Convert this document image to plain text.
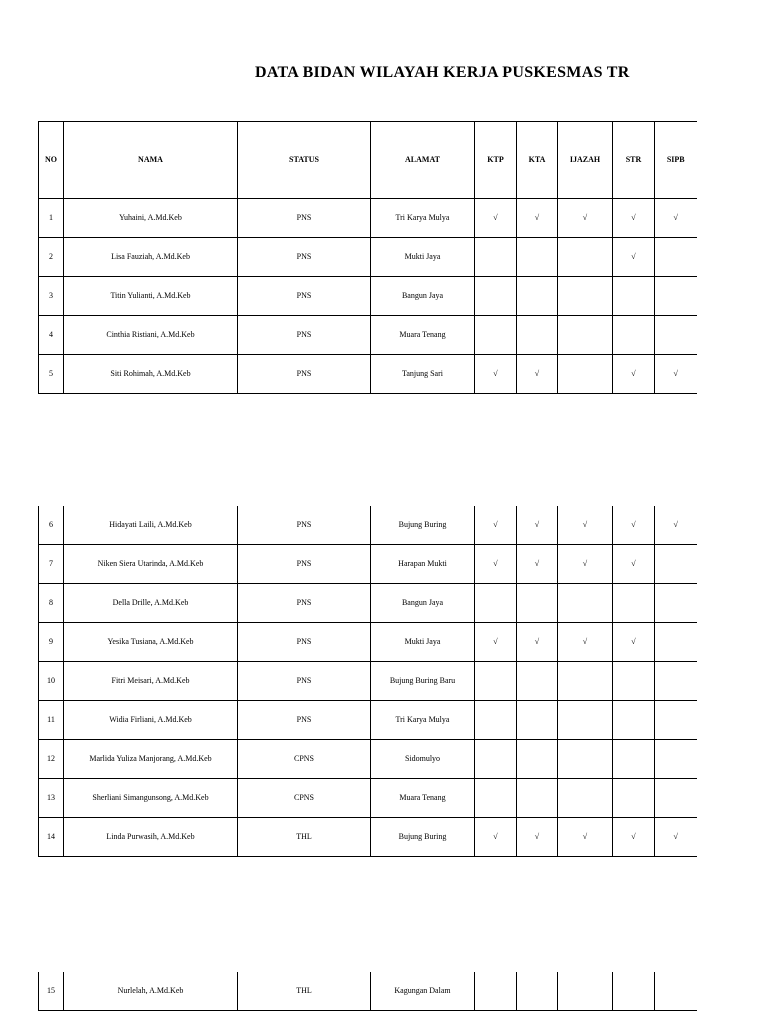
DATA BIDAN WILAYAH KERJA PUSKESMAS TR
NO	NAMA	STATUS	ALAMAT	KTP	KTA	IJAZAH	STR	SIPB
1	Yuhaini, A.Md.Keb	PNS	Tri Karya Mulya	√	√	√	√	√
2	Lisa Fauziah, A.Md.Keb	PNS	Mukti Jaya				√	
3	Titin Yulianti, A.Md.Keb	PNS	Bangun Jaya					
4	Cinthia Ristiani, A.Md.Keb	PNS	Muara Tenang					
5	Siti Rohimah, A.Md.Keb	PNS	Tanjung Sari	√	√		√	√
6	Hidayati Laili, A.Md.Keb	PNS	Bujung Buring	√	√	√	√	√
7	Niken Siera Utarinda, A.Md.Keb	PNS	Harapan Mukti	√	√	√	√	
8	Della Drille, A.Md.Keb	PNS	Bangun Jaya					
9	Yesika Tusiana, A.Md.Keb	PNS	Mukti Jaya	√	√	√	√	
10	Fitri Meisari, A.Md.Keb	PNS	Bujung Buring Baru					
11	Widia Firliani, A.Md.Keb	PNS	Tri Karya Mulya					
12	Marlida Yuliza Manjorang, A.Md.Keb	CPNS	Sidomulyo					
13	Sherliani Simangunsong, A.Md.Keb	CPNS	Muara Tenang					
14	Linda Purwasih, A.Md.Keb	THL	Bujung Buring	√	√	√	√	√
15	Nurlelah, A.Md.Keb	THL	Kagungan Dalam					
